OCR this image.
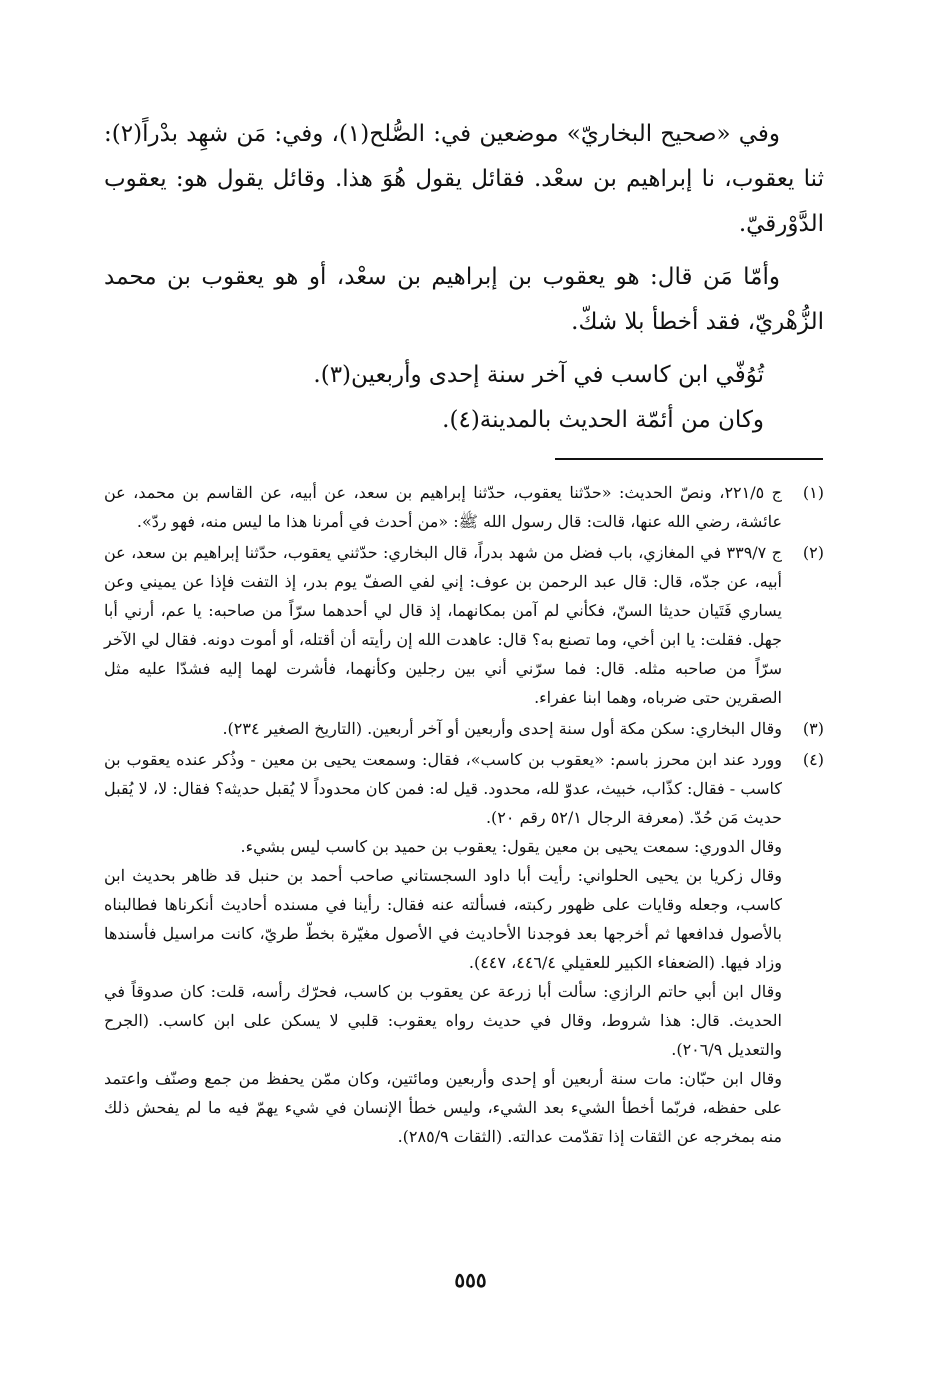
وفي «صحيح البخاريّ» موضعين في: الصُّلح(١)، وفي: مَن شهِد بدْراً(٢): ثنا يعقوب، نا إبراهيم بن سعْد. فقائل يقول هُوَ هذا. وقائل يقول هو: يعقوب الدَّوْرقيّ.

وأمّا مَن قال: هو يعقوب بن إبراهيم بن سعْد، أو هو يعقوب بن محمد الزُّهْريّ، فقد أخطأ بلا شكّ.

تُوُفّي ابن كاسب في آخر سنة إحدى وأربعين(٣).

وكان من أئمّة الحديث بالمدينة(٤).

(١)

ج ٢٢١/٥، ونصّ الحديث: «حدّثنا يعقوب، حدّثنا إبراهيم بن سعد، عن أبيه، عن القاسم بن محمد، عن عائشة، رضي الله عنها، قالت: قال رسول الله ﷺ: «من أحدث في أمرنا هذا ما ليس منه، فهو ردّ».

(٢)

ج ٣٣٩/٧ في المغازي، باب فضل من شهد بدراً، قال البخاري: حدّثني يعقوب، حدّثنا إبراهيم بن سعد، عن أبيه، عن جدّه، قال: قال عبد الرحمن بن عوف: إني لفي الصفّ يوم بدر، إذ التفت فإذا عن يميني وعن يساري فَتَيان حديثا السنّ، فكأني لم آمن بمكانهما، إذ قال لي أحدهما سرّاً من صاحبه: يا عم، أرني أبا جهل. فقلت: يا ابن أخي، وما تصنع به؟ قال: عاهدت الله إن رأيته أن أقتله، أو أموت دونه. فقال لي الآخر سرّاً من صاحبه مثله. قال: فما سرّني أني بين رجلين وكأنهما، فأشرت لهما إليه فشدّا عليه مثل الصقرين حتى ضرباه، وهما ابنا عفراء.

(٣)

وقال البخاري: سكن مكة أول سنة إحدى وأربعين أو آخر أربعين. (التاريخ الصغير ٢٣٤).

(٤)

وورد عند ابن محرز باسم: «يعقوب بن كاسب»، فقال: وسمعت يحيى بن معين - وذُكر عنده يعقوب بن كاسب - فقال: كذّاب، خبيث، عدوّ لله، محدود. قيل له: فمن كان محدوداً لا يُقبل حديثه؟ فقال: لا، لا يُقبل حديث مَن حُدّ. (معرفة الرجال ٥٢/١ رقم ٢٠).

وقال الدوري: سمعت يحيى بن معين يقول: يعقوب بن حميد بن كاسب ليس بشيء.

وقال زكريا بن يحيى الحلواني: رأيت أبا داود السجستاني صاحب أحمد بن حنبل قد ظاهر بحديث ابن كاسب، وجعله وقايات على ظهور ركبته، فسألته عنه فقال: رأينا في مسنده أحاديث أنكرناها فطالبناه بالأصول فدافعها ثم أخرجها بعد فوجدنا الأحاديث في الأصول مغيّرة بخطّ طريّ، كانت مراسيل فأسندها وزاد فيها. (الضعفاء الكبير للعقيلي ٤٤٦/٤، ٤٤٧).

وقال ابن أبي حاتم الرازي: سألت أبا زرعة عن يعقوب بن كاسب، فحرّك رأسه، قلت: كان صدوقاً في الحديث. قال: هذا شروط، وقال في حديث رواه يعقوب: قلبي لا يسكن على ابن كاسب. (الجرح والتعديل ٢٠٦/٩).

وقال ابن حبّان: مات سنة أربعين أو إحدى وأربعين ومائتين، وكان ممّن يحفظ من جمع وصنّف واعتمد على حفظه، فربّما أخطأ الشيء بعد الشيء، وليس خطأ الإنسان في شيء يهمّ فيه ما لم يفحش ذلك منه بمخرجه عن الثقات إذا تقدّمت عدالته. (الثقات ٢٨٥/٩).

٥٥٥
